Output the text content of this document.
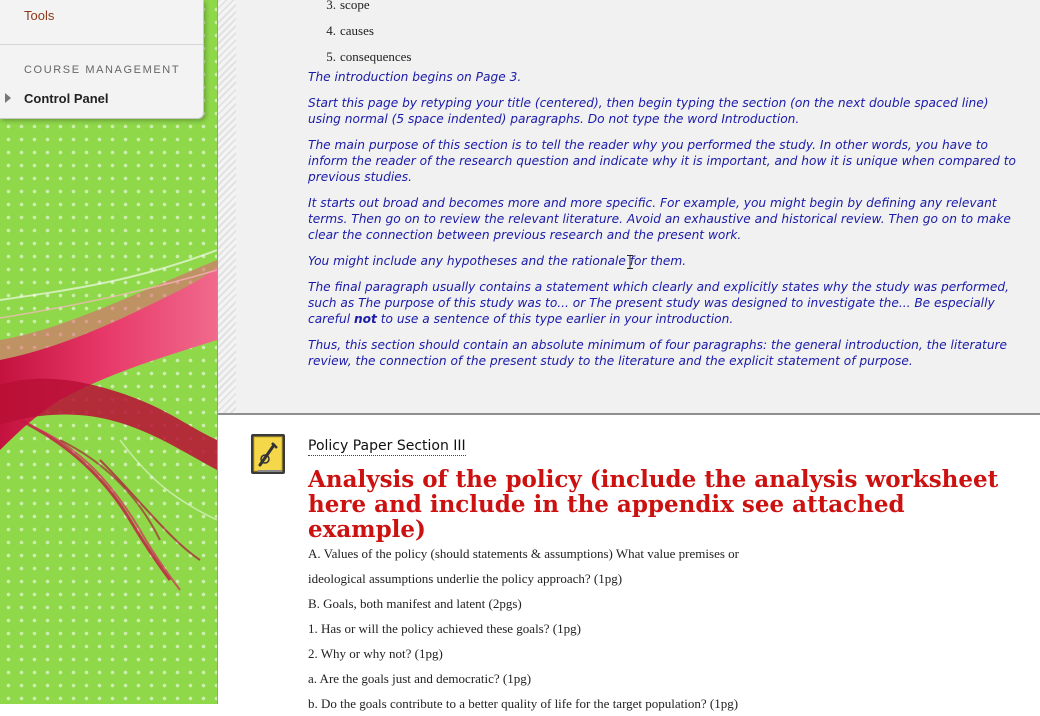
Tools
COURSE MANAGEMENT
Control Panel
3. scope
4. causes
5. consequences

The introduction begins on Page 3.

Start this page by retyping your title (centered), then begin typing the section (on the next double spaced line) using normal (5 space indented) paragraphs. Do not type the word Introduction.

The main purpose of this section is to tell the reader why you performed the study. In other words, you have to inform the reader of the research question and indicate why it is important, and how it is unique when compared to previous studies.

It starts out broad and becomes more and more specific. For example, you might begin by defining any relevant terms. Then go on to review the relevant literature. Avoid an exhaustive and historical review. Then go on to make clear the connection between previous research and the present work.

You might include any hypotheses and the rationale for them.

The final paragraph usually contains a statement which clearly and explicitly states why the study was performed, such as The purpose of this study was to... or The present study was designed to investigate the... Be especially careful not to use a sentence of this type earlier in your introduction.

Thus, this section should contain an absolute minimum of four paragraphs: the general introduction, the literature review, the connection of the present study to the literature and the explicit statement of purpose.

Policy Paper Section III
Analysis of the policy (include the analysis worksheet here and include in the appendix see attached example)
A. Values of the policy (should statements & assumptions) What value premises or
ideological assumptions underlie the policy approach? (1pg)
B. Goals, both manifest and latent (2pgs)
1. Has or will the policy achieved these goals? (1pg)
2. Why or why not? (1pg)
a. Are the goals just and democratic? (1pg)
b. Do the goals contribute to a better quality of life for the target population? (1pg)
